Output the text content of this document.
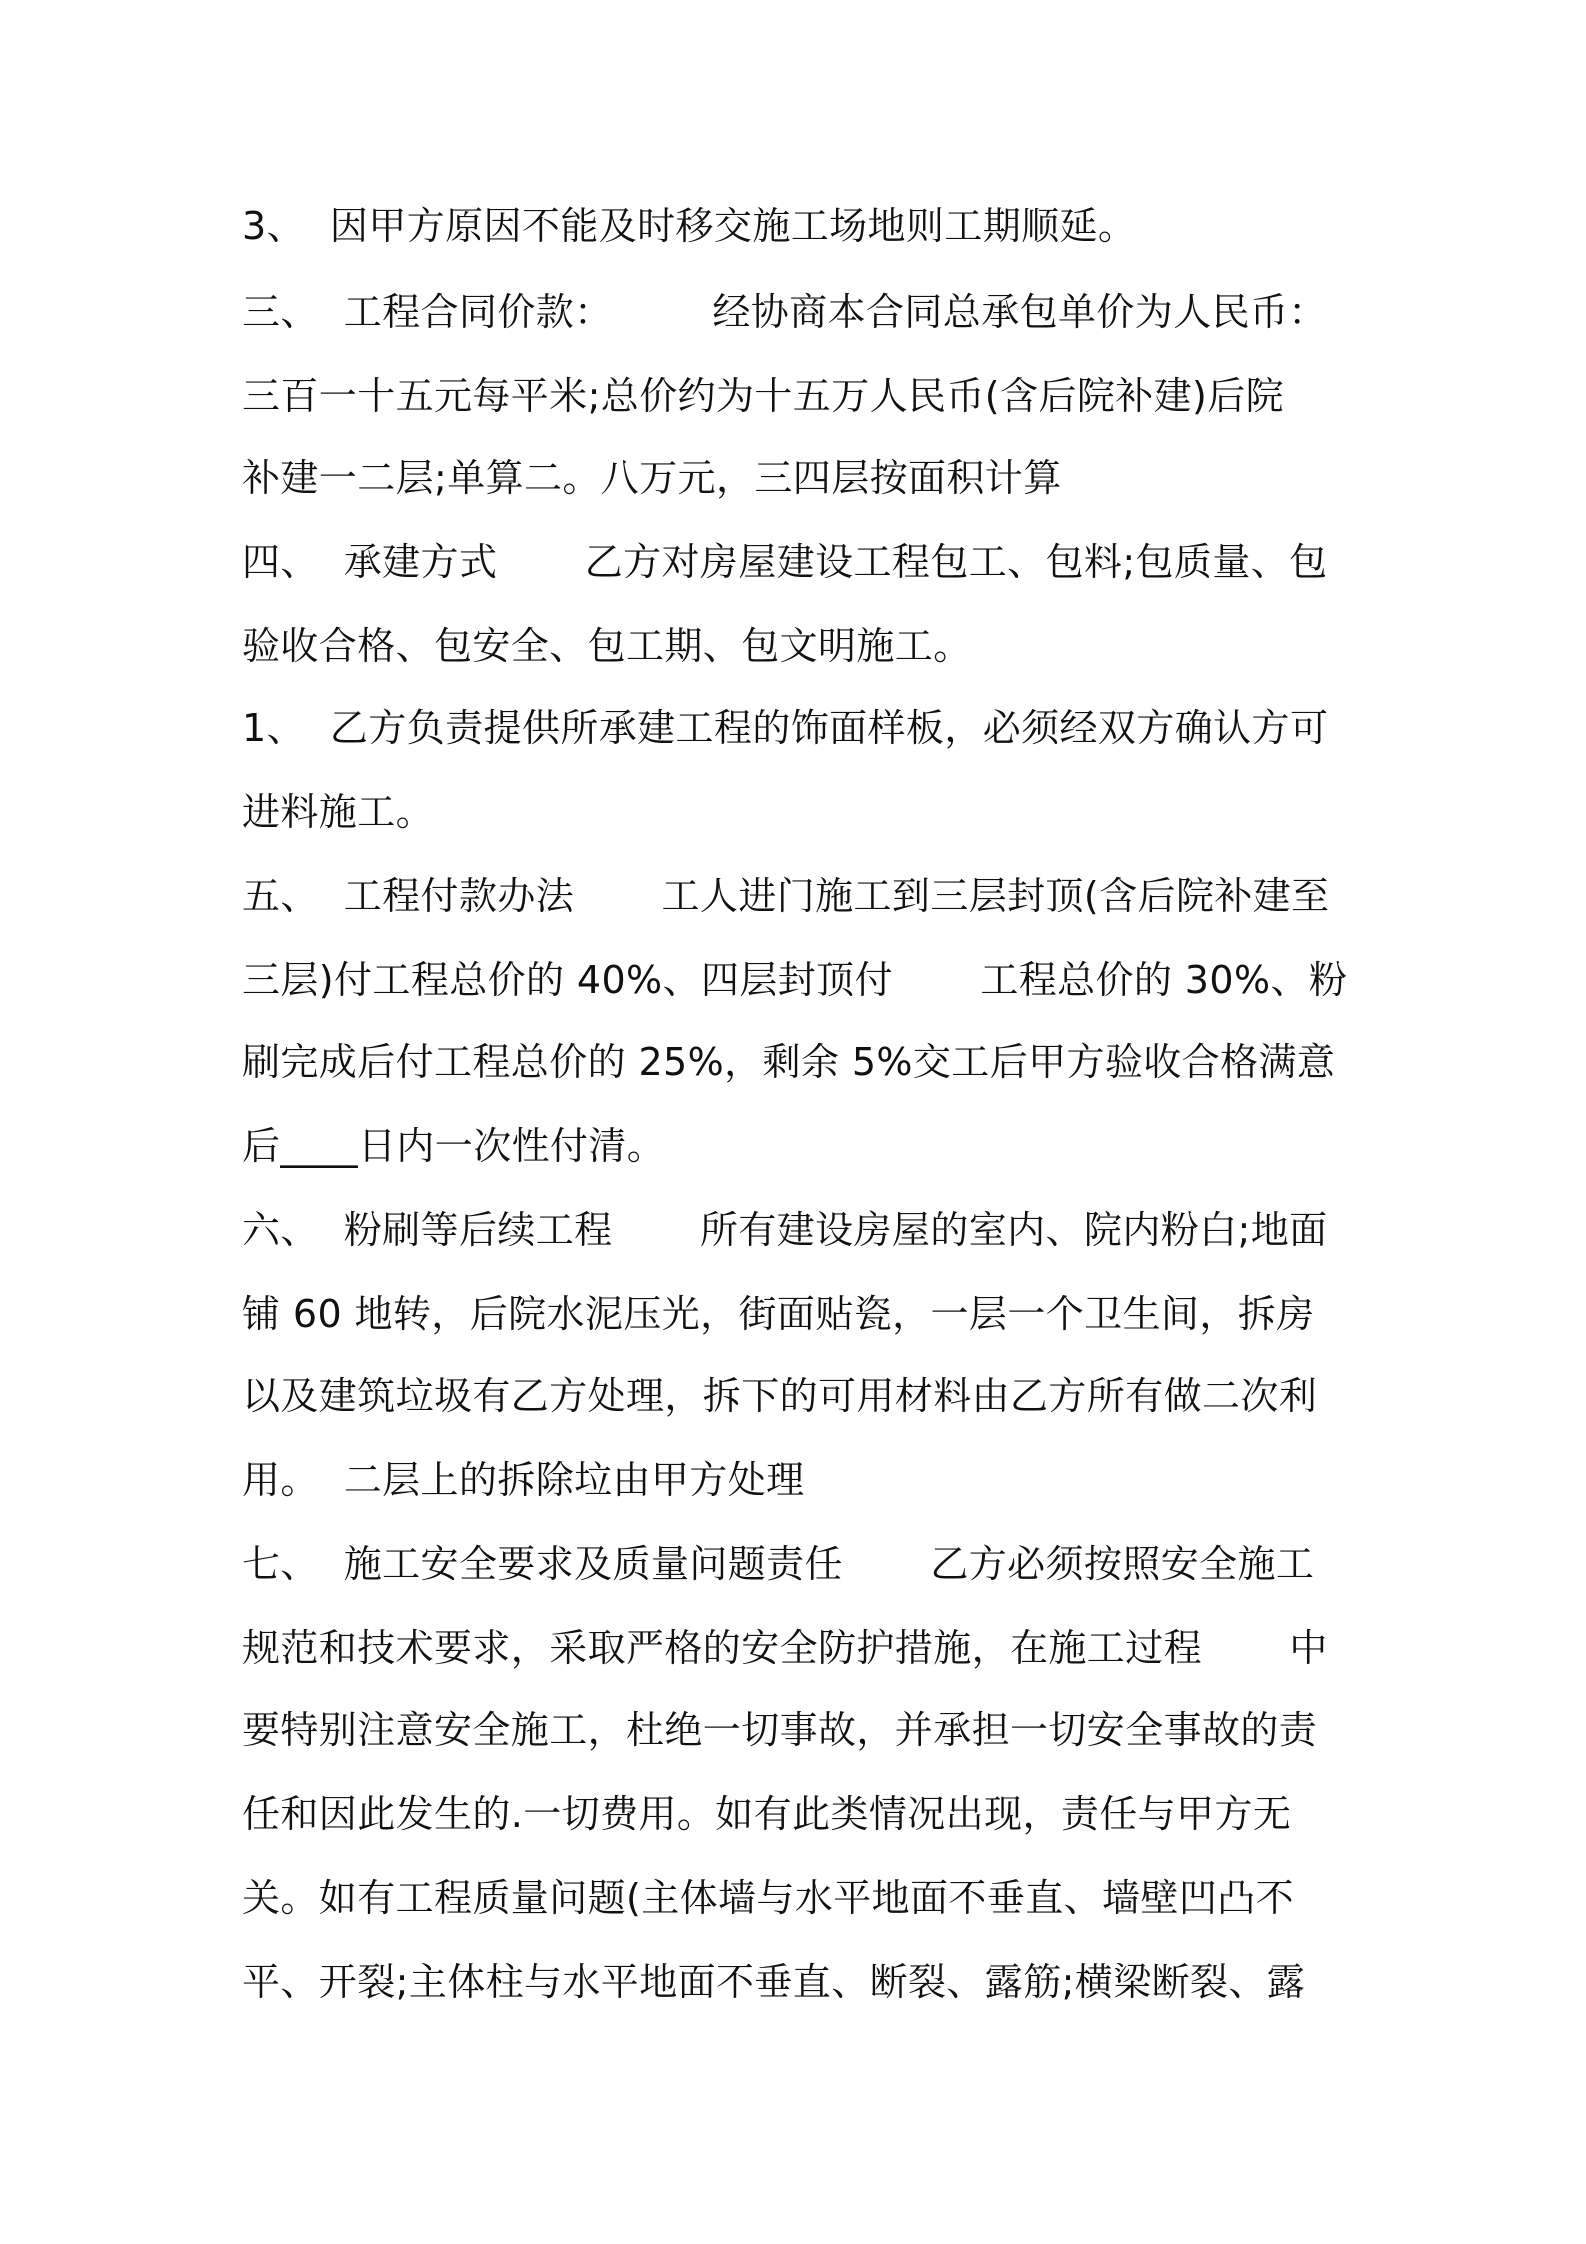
3、  因甲方原因不能及时移交施工场地则工期顺延。
三、  工程合同价款：        经协商本合同总承包单价为人民币：
三百一十五元每平米;总价约为十五万人民币(含后院补建)后院
补建一二层;单算二。八万元，三四层按面积计算
四、  承建方式       乙方对房屋建设工程包工、包料;包质量、包
验收合格、包安全、包工期、包文明施工。
1、  乙方负责提供所承建工程的饰面样板，必须经双方确认方可
进料施工。
五、  工程付款办法       工人进门施工到三层封顶(含后院补建至
三层)付工程总价的 40%、四层封顶付       工程总价的 30%、粉
刷完成后付工程总价的 25%，剩余 5%交工后甲方验收合格满意
后____日内一次性付清。
六、  粉刷等后续工程       所有建设房屋的室内、院内粉白;地面
铺 60 地转，后院水泥压光，街面贴瓷，一层一个卫生间，拆房
以及建筑垃圾有乙方处理，拆下的可用材料由乙方所有做二次利
用。  二层上的拆除垃由甲方处理
七、  施工安全要求及质量问题责任       乙方必须按照安全施工
规范和技术要求，采取严格的安全防护措施，在施工过程       中
要特别注意安全施工，杜绝一切事故，并承担一切安全事故的责
任和因此发生的.一切费用。如有此类情况出现，责任与甲方无
关。如有工程质量问题(主体墙与水平地面不垂直、墙壁凹凸不
平、开裂;主体柱与水平地面不垂直、断裂、露筋;横梁断裂、露
